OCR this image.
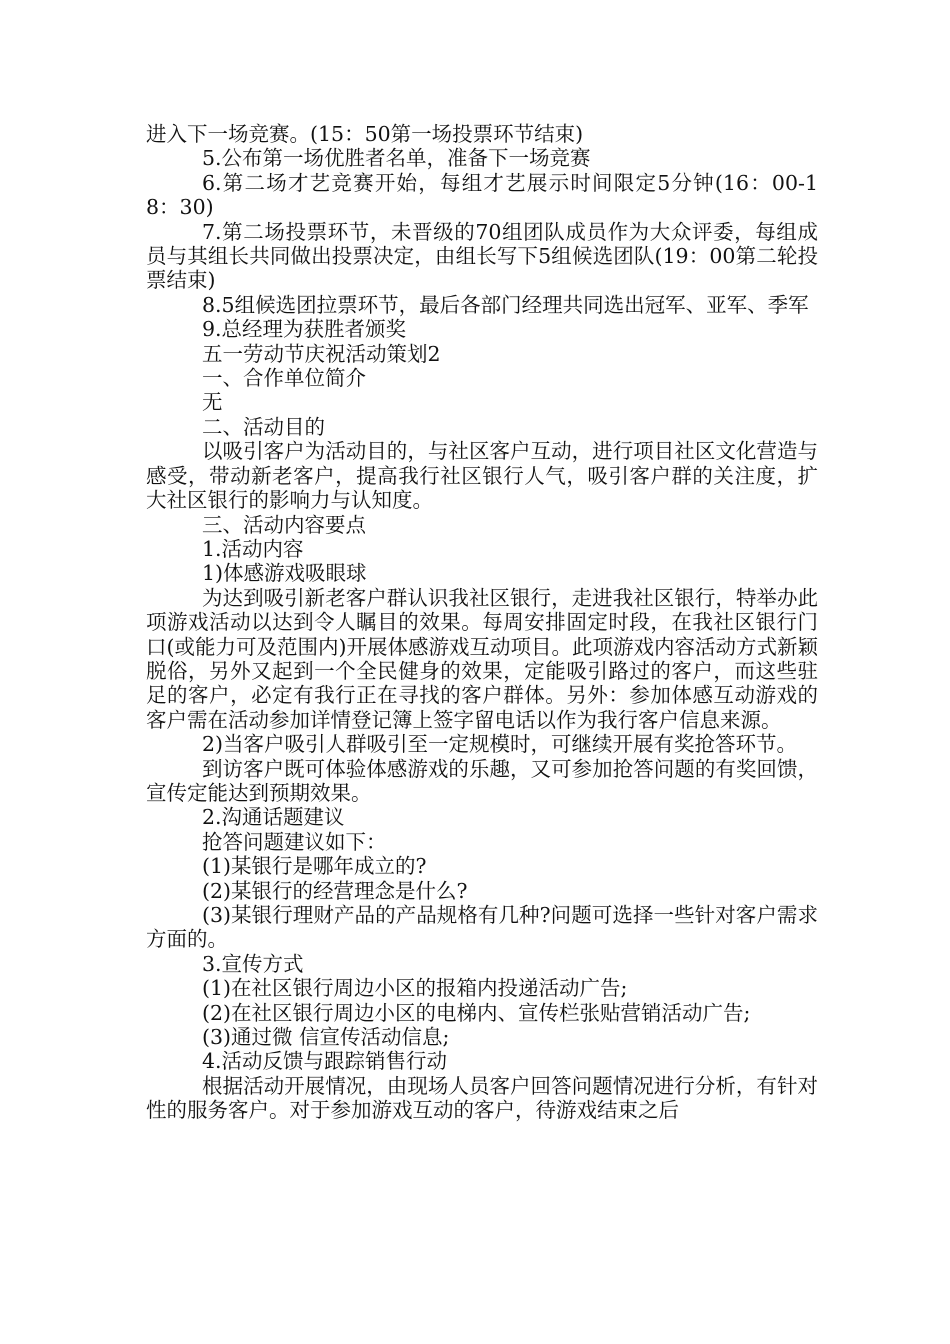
进入下一场竞赛。(15：50第一场投票环节结束)

5.公布第一场优胜者名单，准备下一场竞赛

6.第二场才艺竞赛开始，每组才艺展示时间限定5分钟(16：00-18：30)

7.第二场投票环节，未晋级的70组团队成员作为大众评委，每组成员与其组长共同做出投票决定，由组长写下5组候选团队(19：00第二轮投票结束)

8.5组候选团拉票环节，最后各部门经理共同选出冠军、亚军、季军

9.总经理为获胜者颁奖

五一劳动节庆祝活动策划2

一、合作单位简介

无

二、活动目的

以吸引客户为活动目的，与社区客户互动，进行项目社区文化营造与感受，带动新老客户，提高我行社区银行人气，吸引客户群的关注度，扩大社区银行的影响力与认知度。

三、活动内容要点

1.活动内容

1)体感游戏吸眼球

为达到吸引新老客户群认识我社区银行，走进我社区银行，特举办此项游戏活动以达到令人瞩目的效果。每周安排固定时段，在我社区银行门口(或能力可及范围内)开展体感游戏互动项目。此项游戏内容活动方式新颖脱俗，另外又起到一个全民健身的效果，定能吸引路过的客户，而这些驻足的客户，必定有我行正在寻找的客户群体。另外：参加体感互动游戏的客户需在活动参加详情登记簿上签字留电话以作为我行客户信息来源。

2)当客户吸引人群吸引至一定规模时，可继续开展有奖抢答环节。

到访客户既可体验体感游戏的乐趣，又可参加抢答问题的有奖回馈，宣传定能达到预期效果。

2.沟通话题建议

抢答问题建议如下：

(1)某银行是哪年成立的?

(2)某银行的经营理念是什么?

(3)某银行理财产品的产品规格有几种?问题可选择一些针对客户需求方面的。

3.宣传方式

(1)在社区银行周边小区的报箱内投递活动广告;

(2)在社区银行周边小区的电梯内、宣传栏张贴营销活动广告;

(3)通过微 信宣传活动信息;

4.活动反馈与跟踪销售行动

根据活动开展情况，由现场人员客户回答问题情况进行分析，有针对性的服务客户。对于参加游戏互动的客户，待游戏结束之后
